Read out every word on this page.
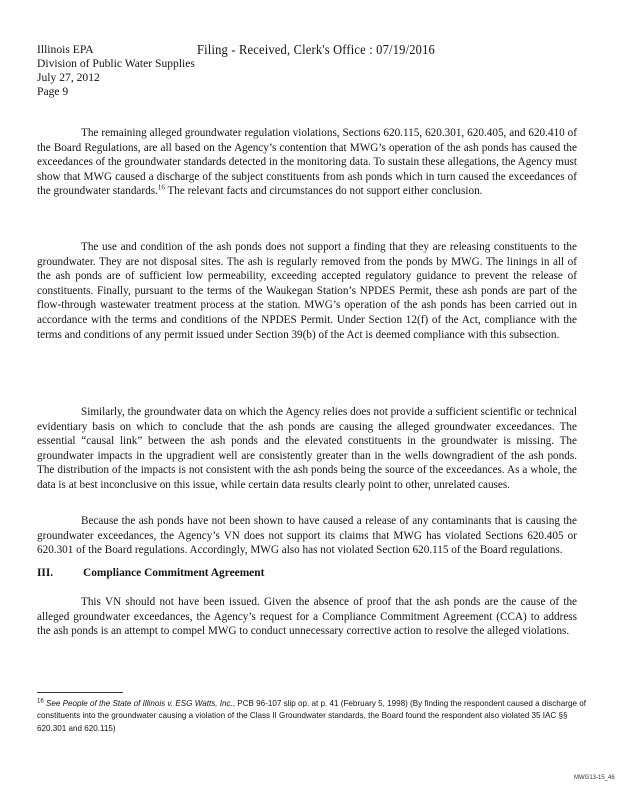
Illinois EPA
Division of Public Water Supplies
July 27, 2012
Page 9
Filing - Received, Clerk's Office : 07/19/2016

The remaining alleged groundwater regulation violations, Sections 620.115, 620.301, 620.405, and 620.410 of the Board Regulations, are all based on the Agency’s contention that MWG’s operation of the ash ponds has caused the exceedances of the groundwater standards detected in the monitoring data. To sustain these allegations, the Agency must show that MWG caused a discharge of the subject constituents from ash ponds which in turn caused the exceedances of the groundwater standards.$^{16}$ The relevant facts and circumstances do not support either conclusion.

The use and condition of the ash ponds does not support a finding that they are releasing constituents to the groundwater. They are not disposal sites. The ash is regularly removed from the ponds by MWG. The linings in all of the ash ponds are of sufficient low permeability, exceeding accepted regulatory guidance to prevent the release of constituents. Finally, pursuant to the terms of the Waukegan Station’s NPDES Permit, these ash ponds are part of the flow-through wastewater treatment process at the station. MWG’s operation of the ash ponds has been carried out in accordance with the terms and conditions of the NPDES Permit. Under Section 12(f) of the Act, compliance with the terms and conditions of any permit issued under Section 39(b) of the Act is deemed compliance with this subsection.

Similarly, the groundwater data on which the Agency relies does not provide a sufficient scientific or technical evidentiary basis on which to conclude that the ash ponds are causing the alleged groundwater exceedances. The essential “causal link” between the ash ponds and the elevated constituents in the groundwater is missing. The groundwater impacts in the upgradient well are consistently greater than in the wells downgradient of the ash ponds. The distribution of the impacts is not consistent with the ash ponds being the source of the exceedances. As a whole, the data is at best inconclusive on this issue, while certain data results clearly point to other, unrelated causes.

Because the ash ponds have not been shown to have caused a release of any contaminants that is causing the groundwater exceedances, the Agency’s VN does not support its claims that MWG has violated Sections 620.405 or 620.301 of the Board regulations. Accordingly, MWG also has not violated Section 620.115 of the Board regulations.

III.	Compliance Commitment Agreement

This VN should not have been issued. Given the absence of proof that the ash ponds are the cause of the alleged groundwater exceedances, the Agency’s request for a Compliance Commitment Agreement (CCA) to address the ash ponds is an attempt to compel MWG to conduct unnecessary corrective action to resolve the alleged violations.

$^{16}$ See People of the State of Illinois v. ESG Watts, Inc., PCB 96-107 slip op. at p. 41 (February 5, 1998) (By finding the respondent caused a discharge of constituents into the groundwater causing a violation of the Class II Groundwater standards, the Board found the respondent also violated 35 IAC §§ 620.301 and 620.115)

MWG13-15_46
